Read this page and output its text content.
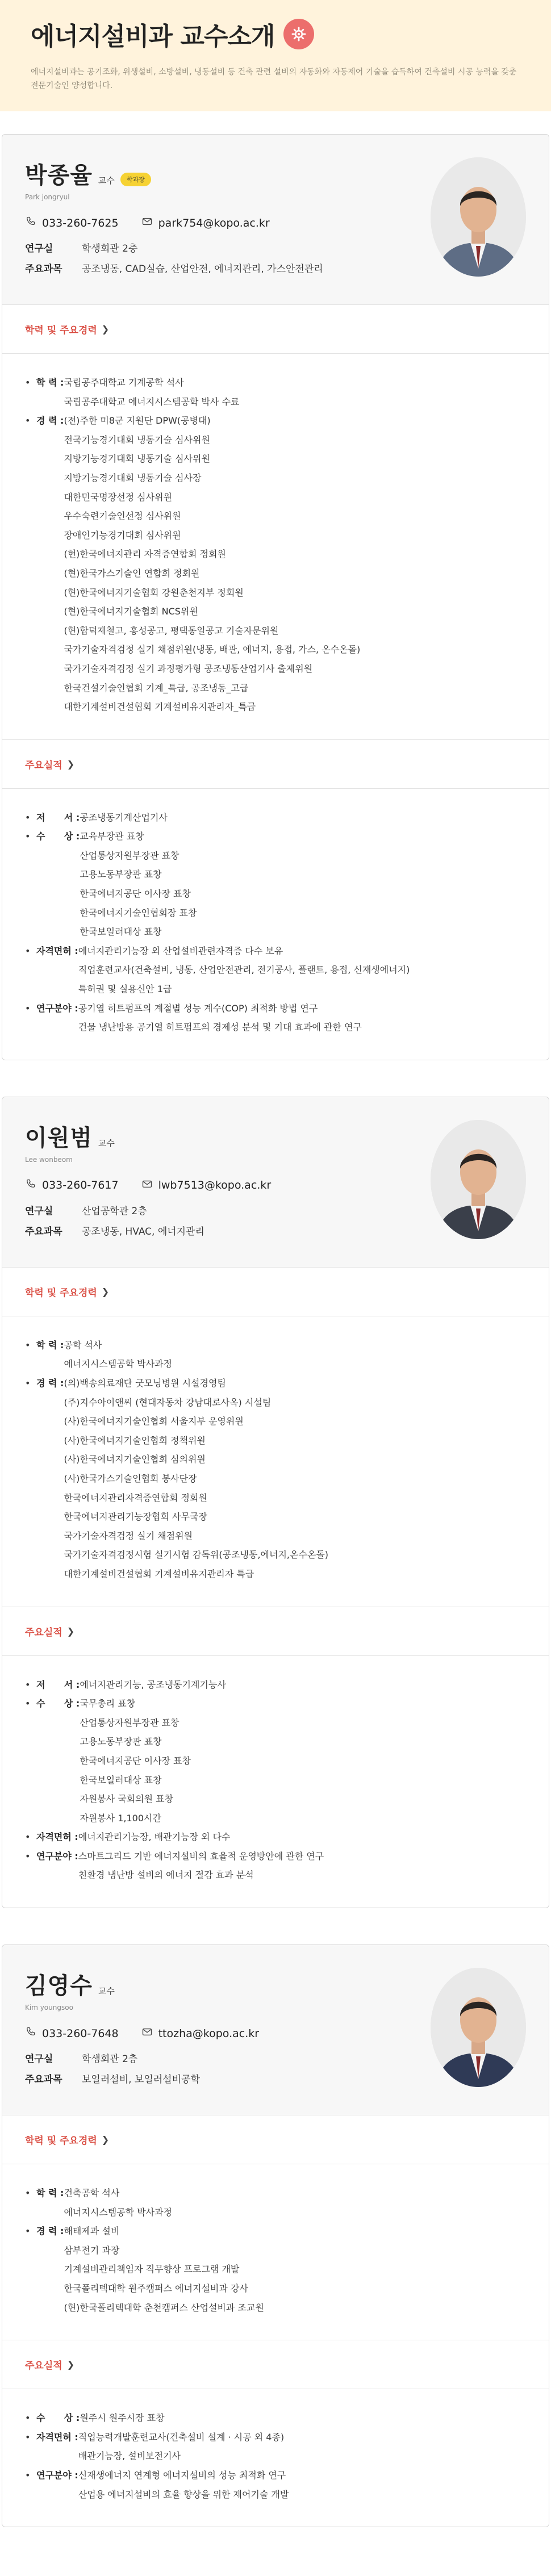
에너지설비과 교수소개

에너지설비과는 공기조화, 위생설비, 소방설비, 냉동설비 등 건축 관련 설비의 자동화와 자동제어 기술을 습득하여 건축설비 시공 능력을 갖춘 전문기술인 양성합니다.

박종율 교수	학과장
Park jongryul
033-260-7625	park754@kopo.ac.kr
연구실	학생회관 2층
주요과목	공조냉동, CAD실습, 산업안전, 에너지관리, 가스안전관리
학력 및 주요경력 ❯
• 학 력 : 국립공주대학교 기계공학 석사
국립공주대학교 에너지시스템공학 박사 수료
• 경 력 : (전)주한 미8군 지원단 DPW(공병대)
전국기능경기대회 냉동기술 심사위원
지방기능경기대회 냉동기술 심사위원
지방기능경기대회 냉동기술 심사장
대한민국명장선정 심사위원
우수숙련기술인선정 심사위원
장애인기능경기대회 심사위원
(현)한국에너지관리 자격증연합회 정회원
(현)한국가스기술인 연합회 정회원
(현)한국에너지기술협회 강원춘천지부 정회원
(현)한국에너지기술협회 NCS위원
(현)합덕제철고, 홍성공고, 평택동일공고 기술자문위원
국가기술자격검정 실기 채점위원(냉동, 배관, 에너지, 용접, 가스, 온수온돌)
국가기술자격검정 실기 과정평가형 공조냉동산업기사 출제위원
한국건설기술인협회 기계_특급, 공조냉동_고급
대한기계설비건설협회 기계설비유지관리자_특급
주요실적 ❯
• 저      서 : 공조냉동기계산업기사
• 수      상 : 교육부장관 표창
산업통상자원부장관 표창
고용노동부장관 표창
한국에너지공단 이사장 표창
한국에너지기술인협회장 표창
한국보일러대상 표창
• 자격면허 : 에너지관리기능장 외 산업설비관련자격증 다수 보유
직업훈련교사(건축설비, 냉동, 산업안전관리, 전기공사, 플랜트, 용접, 신재생에너지)
특허권 및 실용신안 1급
• 연구분야 : 공기열 히트펌프의 계절별 성능 계수(COP) 최적화 방법 연구
건물 냉난방용 공기열 히트펌프의 경제성 분석 및 기대 효과에 관한 연구
이원범 교수
Lee wonbeom
033-260-7617	lwb7513@kopo.ac.kr
연구실	산업공학관 2층
주요과목	공조냉동, HVAC, 에너지관리
학력 및 주요경력 ❯
• 학 력 : 공학 석사
에너지시스템공학 박사과정
• 경 력 : (의)백송의료재단 굿모닝병원 시설경영팀
(주)지수아이앤씨 (현대자동차 강남대로사옥) 시설팀
(사)한국에너지기술인협회 서울지부 운영위원
(사)한국에너지기술인협회 정책위원
(사)한국에너지기술인협회 심의위원
(사)한국가스기술인협회 봉사단장
한국에너지관리자격증연합회 정회원
한국에너지관리기능장협회 사무국장
국가기술자격검정 실기 채점위원
국가기술자격검정시험 실기시험 감독위(공조냉동,에너지,온수온돌)
대한기계설비건설협회 기계설비유지관리자 특급
주요실적 ❯
• 저      서 : 에너지관리기능, 공조냉동기계기능사
• 수      상 : 국무총리 표창
산업통상자원부장관 표창
고용노동부장관 표창
한국에너지공단 이사장 표창
한국보일러대상 표창
자원봉사 국회의원 표창
자원봉사 1,100시간
• 자격면허 : 에너지관리기능장, 배관기능장 외 다수
• 연구분야 : 스마트그리드 기반 에너지설비의 효율적 운영방안에 관한 연구
친환경 냉난방 설비의 에너지 절감 효과 분석
김영수 교수
Kim youngsoo
033-260-7648	ttozha@kopo.ac.kr
연구실	학생회관 2층
주요과목	보일러설비, 보일러설비공학
학력 및 주요경력 ❯
• 학 력 : 건축공학 석사
에너지시스템공학 박사과정
• 경 력 : 해태제과 설비
삼부전기 과장
기계설비관리책임자 직무향상 프로그램 개발
한국폴리텍대학 원주캠퍼스 에너지설비과 강사
(현)한국폴리텍대학 춘천캠퍼스 산업설비과 조교원
주요실적 ❯
• 수      상 : 원주시 원주시장 표창
• 자격면허 : 직업능력개발훈련교사(건축설비 설계 · 시공 외 4종)
배관기능장, 설비보전기사
• 연구분야 : 신재생에너지 연계형 에너지설비의 성능 최적화 연구
산업용 에너지설비의 효율 향상을 위한 제어기술 개발
